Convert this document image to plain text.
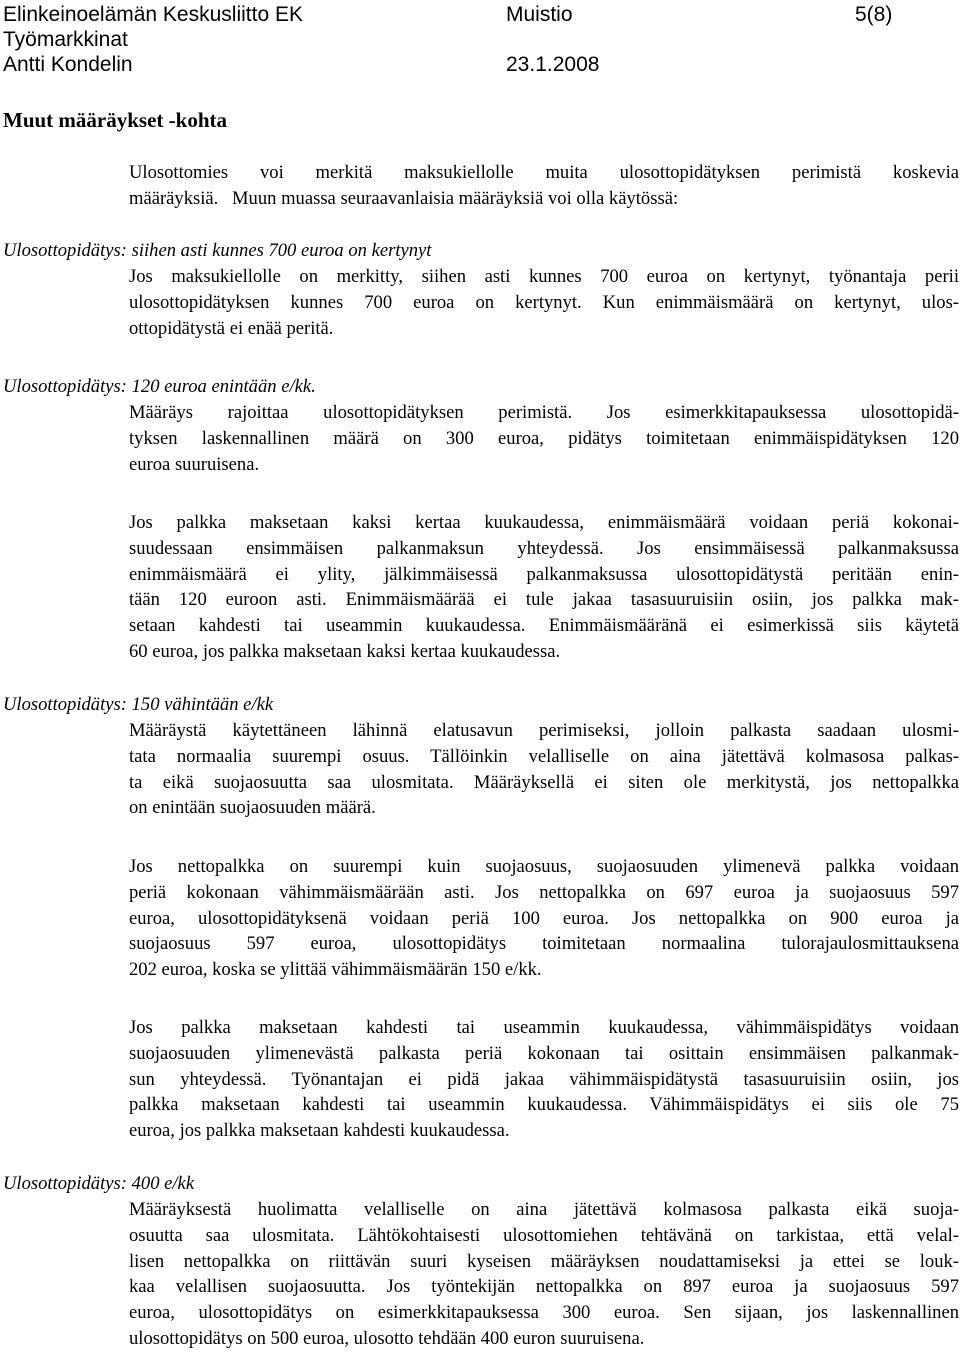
Elinkeinoelämän Keskusliitto EK	Muistio	5(8)
Työmarkkinat
Antti Kondelin	23.1.2008
Muut määräykset -kohta
Ulosottomies voi merkitä maksukiellolle muita ulosottopidätyksen perimistä koskevia
määräyksiä. Muun muassa seuraavanlaisia määräyksiä voi olla käytössä:
Ulosottopidätys: siihen asti kunnes 700 euroa on kertynyt
Jos maksukiellolle on merkitty, siihen asti kunnes 700 euroa on kertynyt, työnantaja perii
ulosottopidätyksen kunnes 700 euroa on kertynyt. Kun enimmäismäärä on kertynyt, ulos-
ottopidätystä ei enää peritä.
Ulosottopidätys: 120 euroa enintään e/kk.
Määräys rajoittaa ulosottopidätyksen perimistä. Jos esimerkkitapauksessa ulosottopidä-
tyksen laskennallinen määrä on 300 euroa, pidätys toimitetaan enimmäispidätyksen 120
euroa suuruisena.
Jos palkka maksetaan kaksi kertaa kuukaudessa, enimmäismäärä voidaan periä kokonai-
suudessaan ensimmäisen palkanmaksun yhteydessä. Jos ensimmäisessä palkanmaksussa
enimmäismäärä ei ylity, jälkimmäisessä palkanmaksussa ulosottopidätystä peritään enin-
tään 120 euroon asti. Enimmäismäärää ei tule jakaa tasasuuruisiin osiin, jos palkka mak-
setaan kahdesti tai useammin kuukaudessa. Enimmäismääränä ei esimerkissä siis käytetä
60 euroa, jos palkka maksetaan kaksi kertaa kuukaudessa.
Ulosottopidätys: 150 vähintään e/kk
Määräystä käytettäneen lähinnä elatusavun perimiseksi, jolloin palkasta saadaan ulosmi-
tata normaalia suurempi osuus. Tällöinkin velalliselle on aina jätettävä kolmasosa palkas-
ta eikä suojaosuutta saa ulosmitata. Määräyksellä ei siten ole merkitystä, jos nettopalkka
on enintään suojaosuuden määrä.
Jos nettopalkka on suurempi kuin suojaosuus, suojaosuuden ylimenevä palkka voidaan
periä kokonaan vähimmäismäärään asti. Jos nettopalkka on 697 euroa ja suojaosuus 597
euroa, ulosottopidätyksenä voidaan periä 100 euroa. Jos nettopalkka on 900 euroa ja
suojaosuus 597 euroa, ulosottopidätys toimitetaan normaalina tulorajaulosmittauksena
202 euroa, koska se ylittää vähimmäismäärän 150 e/kk.
Jos palkka maksetaan kahdesti tai useammin kuukaudessa, vähimmäispidätys voidaan
suojaosuuden ylimenevästä palkasta periä kokonaan tai osittain ensimmäisen palkanmak-
sun yhteydessä. Työnantajan ei pidä jakaa vähimmäispidätystä tasasuuruisiin osiin, jos
palkka maksetaan kahdesti tai useammin kuukaudessa. Vähimmäispidätys ei siis ole 75
euroa, jos palkka maksetaan kahdesti kuukaudessa.
Ulosottopidätys: 400 e/kk
Määräyksestä huolimatta velalliselle on aina jätettävä kolmasosa palkasta eikä suoja-
osuutta saa ulosmitata. Lähtökohtaisesti ulosottomiehen tehtävänä on tarkistaa, että velal-
lisen nettopalkka on riittävän suuri kyseisen määräyksen noudattamiseksi ja ettei se louk-
kaa velallisen suojaosuutta. Jos työntekijän nettopalkka on 897 euroa ja suojaosuus 597
euroa, ulosottopidätys on esimerkkitapauksessa 300 euroa. Sen sijaan, jos laskennallinen
ulosottopidätys on 500 euroa, ulosotto tehdään 400 euron suuruisena.
